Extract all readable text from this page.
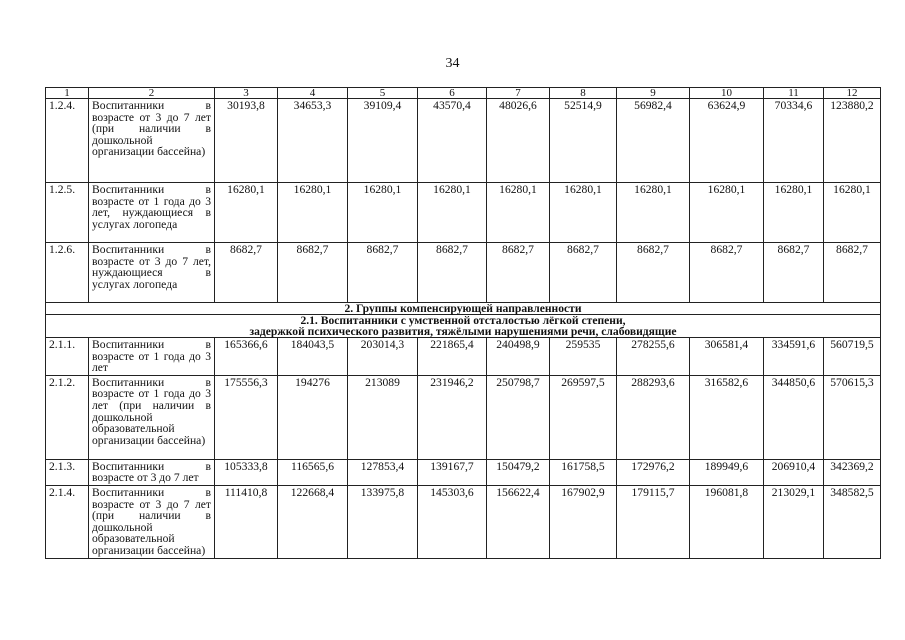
34
1	2	3	4	5	6	7	8	9	10	11	12
1.2.4.	Воспитанники в возрасте от 3 до 7 лет (при наличии в дошкольной организации бассейна)	30193,8	34653,3	39109,4	43570,4	48026,6	52514,9	56982,4	63624,9	70334,6	123880,2
1.2.5.	Воспитанники в возрасте от 1 года до 3 лет, нуждающиеся в услугах логопеда	16280,1	16280,1	16280,1	16280,1	16280,1	16280,1	16280,1	16280,1	16280,1	16280,1
1.2.6.	Воспитанники в возрасте от 3 до 7 лет, нуждающиеся в услугах логопеда	8682,7	8682,7	8682,7	8682,7	8682,7	8682,7	8682,7	8682,7	8682,7	8682,7
2. Группы компенсирующей направленности											

2.1. Воспитанники с умственной отсталостью лёгкой степени,
задержкой психического развития, тяжёлыми нарушениями речи, слабовидящие											

2.1.1.	Воспитанники в возрасте от 1 года до 3 лет	165366,6	184043,5	203014,3	221865,4	240498,9	259535	278255,6	306581,4	334591,6	560719,5
2.1.2.	Воспитанники в возрасте от 1 года до 3 лет (при наличии в дошкольной образовательной организации бассейна)	175556,3	194276	213089	231946,2	250798,7	269597,5	288293,6	316582,6	344850,6	570615,3
2.1.3.	Воспитанники в возрасте от 3 до 7 лет	105333,8	116565,6	127853,4	139167,7	150479,2	161758,5	172976,2	189949,6	206910,4	342369,2
2.1.4.	Воспитанники в возрасте от 3 до 7 лет (при наличии в дошкольной образовательной организации бассейна)	111410,8	122668,4	133975,8	145303,6	156622,4	167902,9	179115,7	196081,8	213029,1	348582,5
